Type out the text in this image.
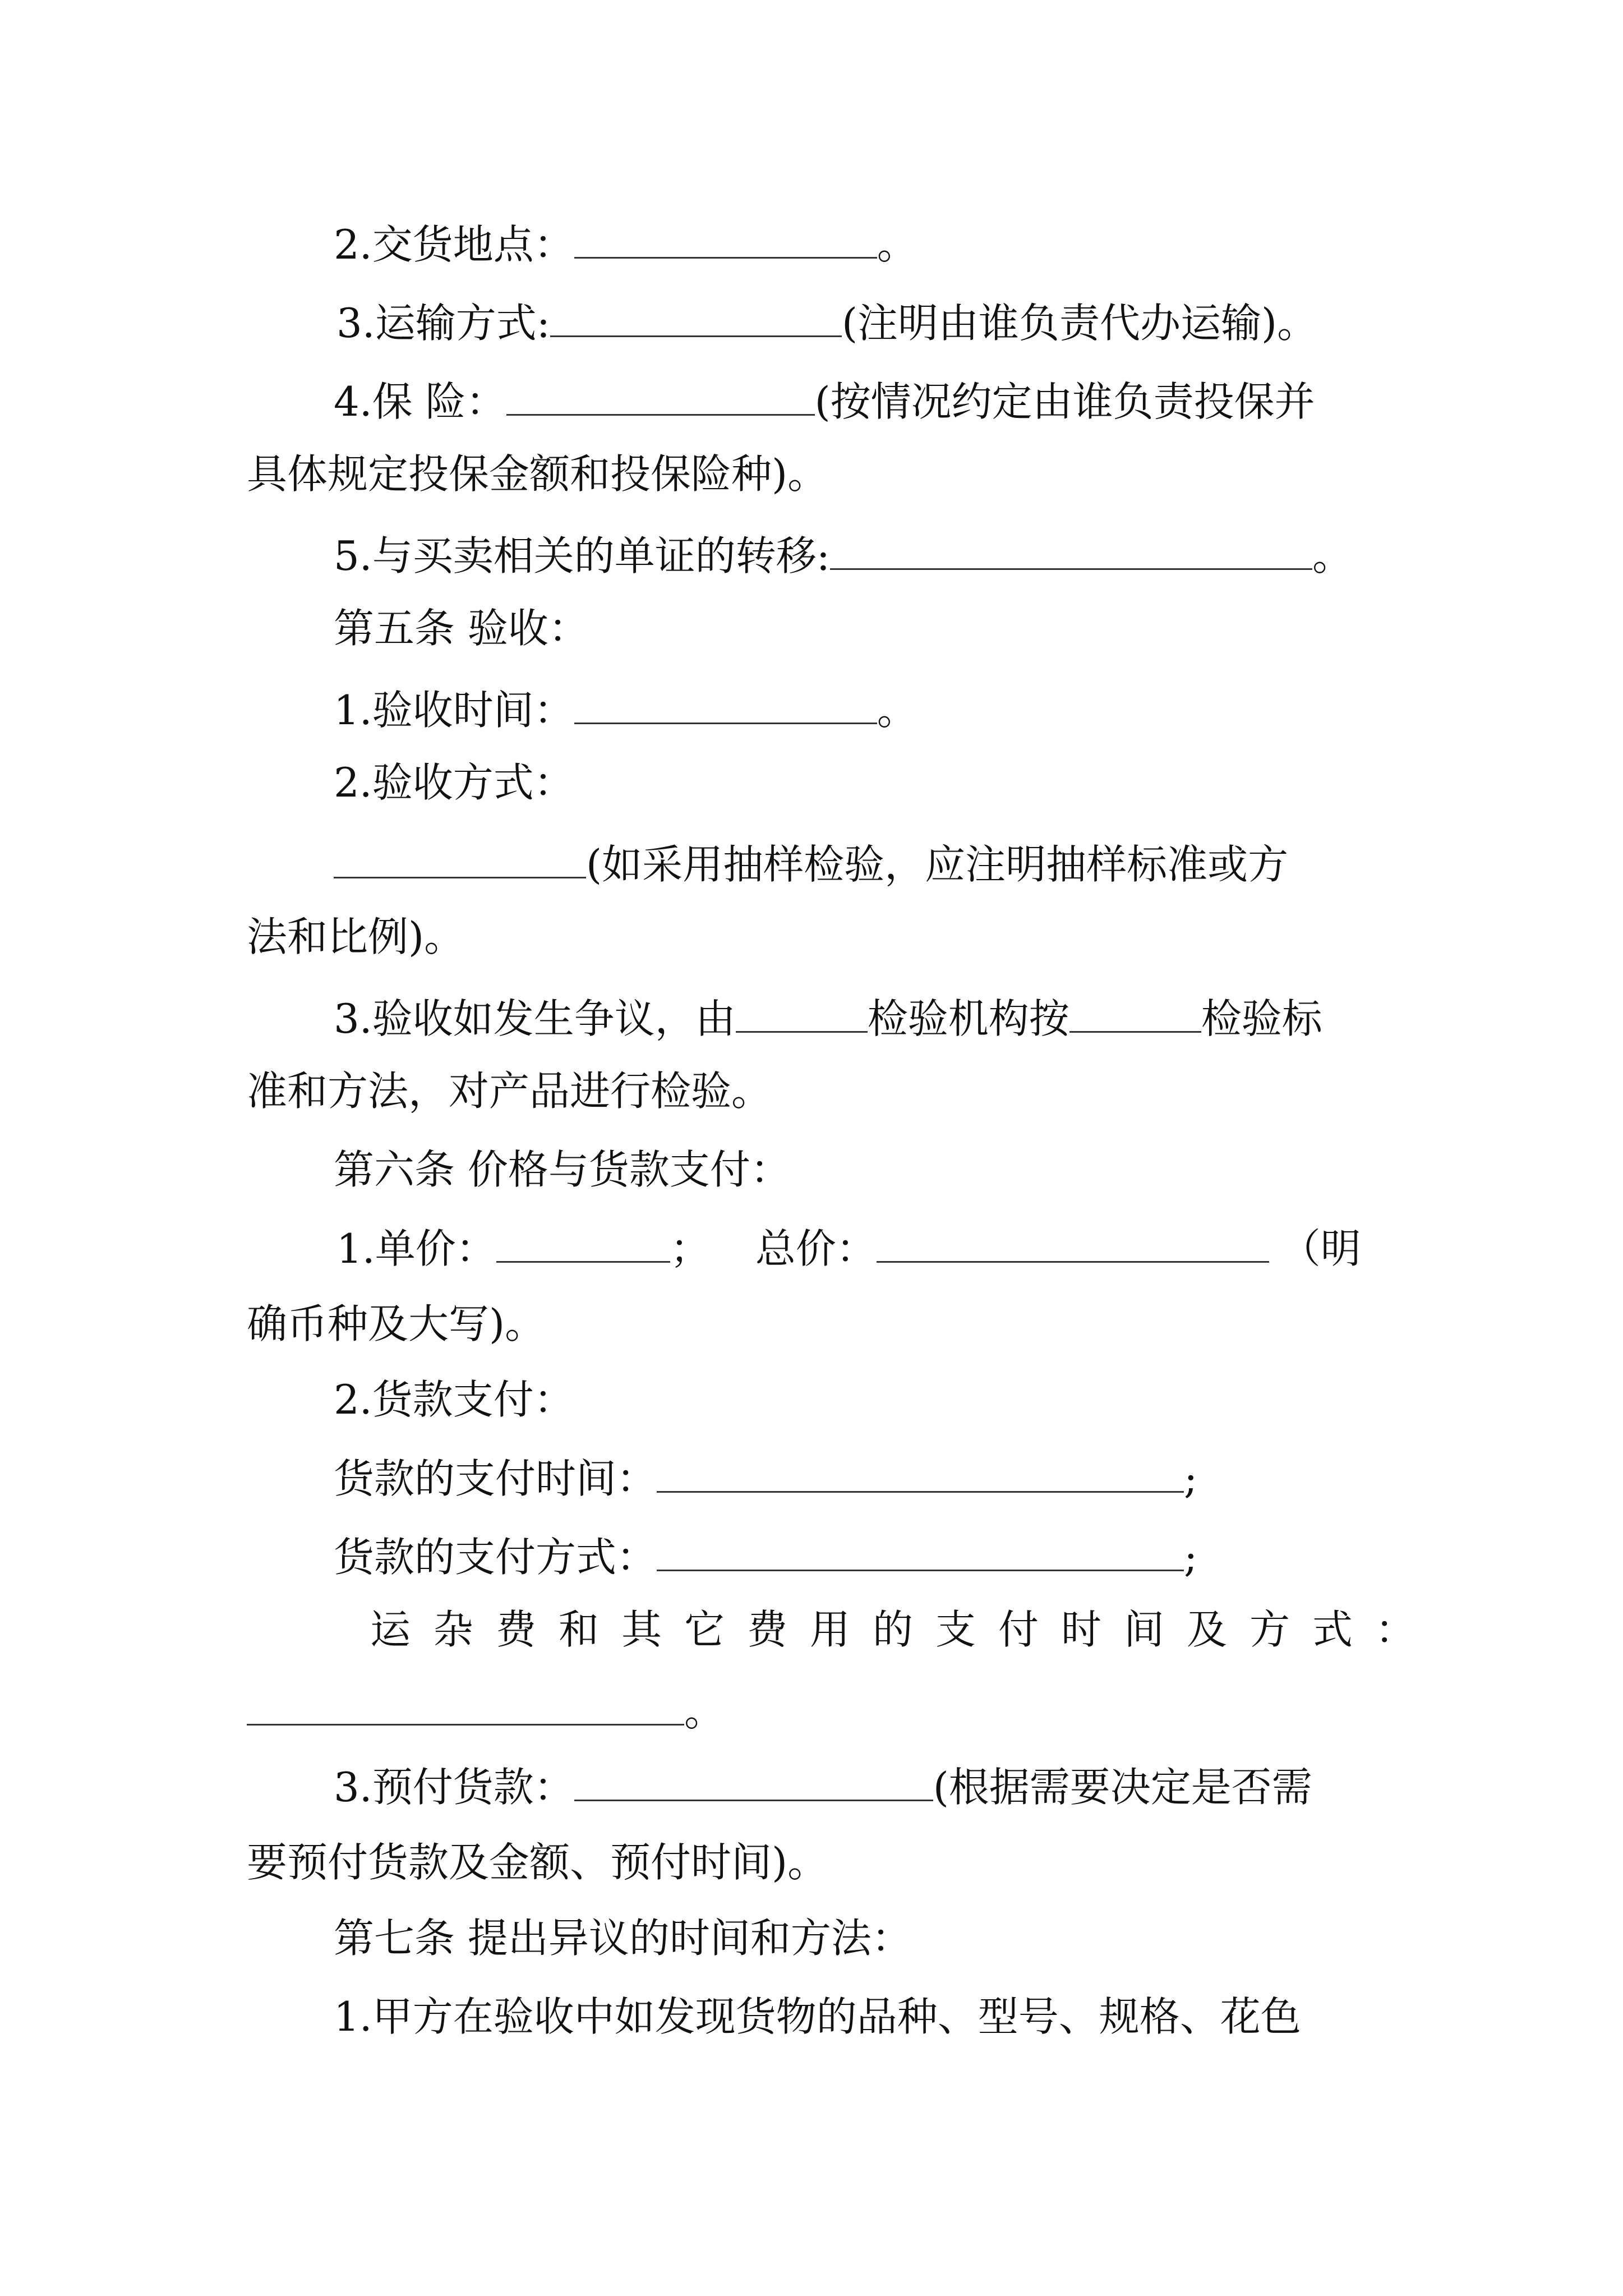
2.交货地点：	。
3.运输方式:	(注明由谁负责代办运输)。
4.保 险：	(按情况约定由谁负责投保并
具体规定投保金额和投保险种)。
5.与买卖相关的单证的转移:	。
第五条 验收：
1.验收时间：	。
2.验收方式：
(如采用抽样检验，应注明抽样标准或方
法和比例)。
3.验收如发生争议，由	检验机构按	检验标
准和方法，对产品进行检验。
第六条 价格与货款支付：
1.单价：	； 总价：	（明
确币种及大写)。
2.货款支付：
货款的支付时间：	;
货款的支付方式：	;
运杂费和其它费用的支付时间及方式：
。
3.预付货款：	(根据需要决定是否需
要预付货款及金额、预付时间)。
第七条 提出异议的时间和方法：
1.甲方在验收中如发现货物的品种、型号、规格、花色
